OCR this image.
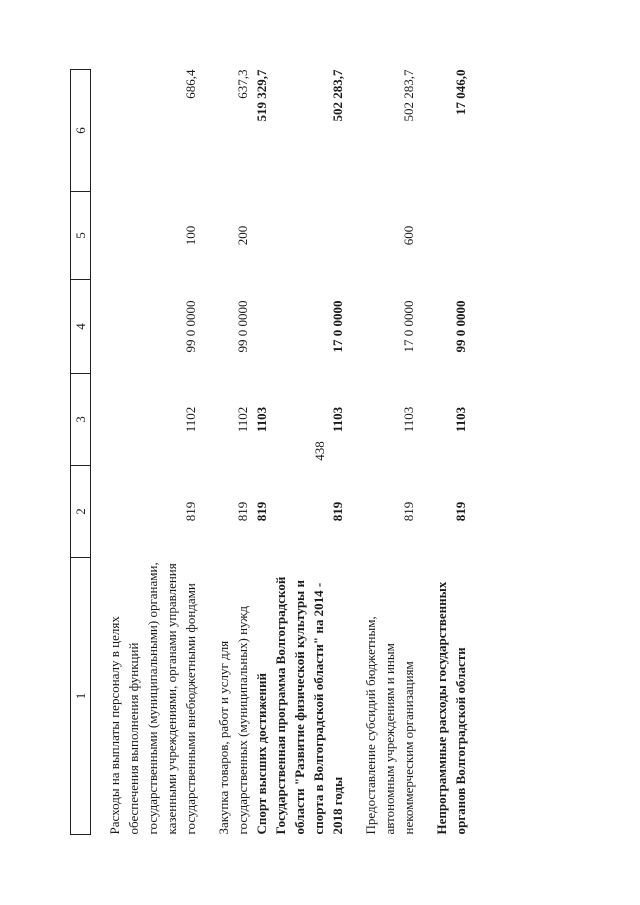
438
1	2	3	4	5	6

Расходы на выплаты персоналу в целях обеспечения выполнения функций государственными (муниципальными) органами, казенными учреждениями, органами управления государственными внебюджетными фондами	819	1102	99 0 0000	100	686,4

Закупка товаров, работ и услуг для государственных (муниципальных) нужд	819	1102	99 0 0000	200	637,3
Спорт высших достижений	819	1103			519 329,7
Государственная программа Волгоградской области "Развитие физической культуры и спорта в Волгоградской области" на 2014 - 2018 годы	819	1103	17 0 0000		502 283,7

Предоставление субсидий бюджетным, автономным учреждениям и иным некоммерческим организациям	819	1103	17 0 0000	600	502 283,7

Непрограммные расходы государственных органов Волгоградской области	819	1103	99 0 0000		17 046,0
